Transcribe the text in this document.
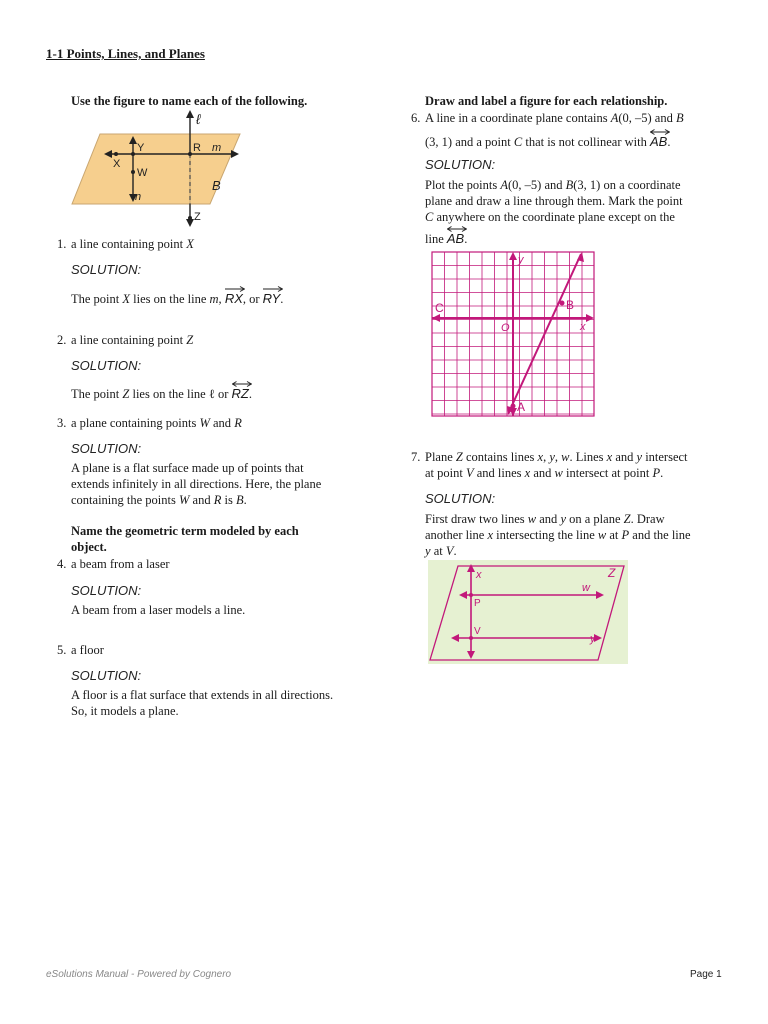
1-1 Points, Lines, and Planes
Use the figure to name each of the following.
ℓ
Y	R m
X
W
B
n
Z
1. a line containing point X
SOLUTION:
The point X lies on the line m, RX, or
RY.
2. a line containing point Z
SOLUTION:
The point Z lies on the line ℓ or
RZ.
3. a plane containing points W and R
SOLUTION:
A plane is a flat surface made up of points that
extends infinitely in all directions. Here, the plane
containing the points W and R is B.
Name the geometric term modeled by each
object.
4. a beam from a laser
SOLUTION:
A beam from a laser models a line.
5. a floor
SOLUTION:
A floor is a flat surface that extends in all directions.
So, it models a plane.
Draw and label a figure for each relationship.
6. A line in a coordinate plane contains A(0, –5) and B
(3, 1) and a point C that is not collinear with
AB.
SOLUTION:
Plot the points A(0, –5) and B(3, 1) on a coordinate
plane and draw a line through them. Mark the point
C anywhere on the coordinate plane except on the
line
AB.
y
x
O
C	B
A
7. Plane Z contains lines x, y, w. Lines x and y intersect
at point V and lines x and w intersect at point P.
SOLUTION:
First draw two lines w and y on a plane Z. Draw
another line x intersecting the line w at P and the line
y at V.
x
w
Z
P
V
y
eSolutions Manual - Powered by Cognero	Page 1
